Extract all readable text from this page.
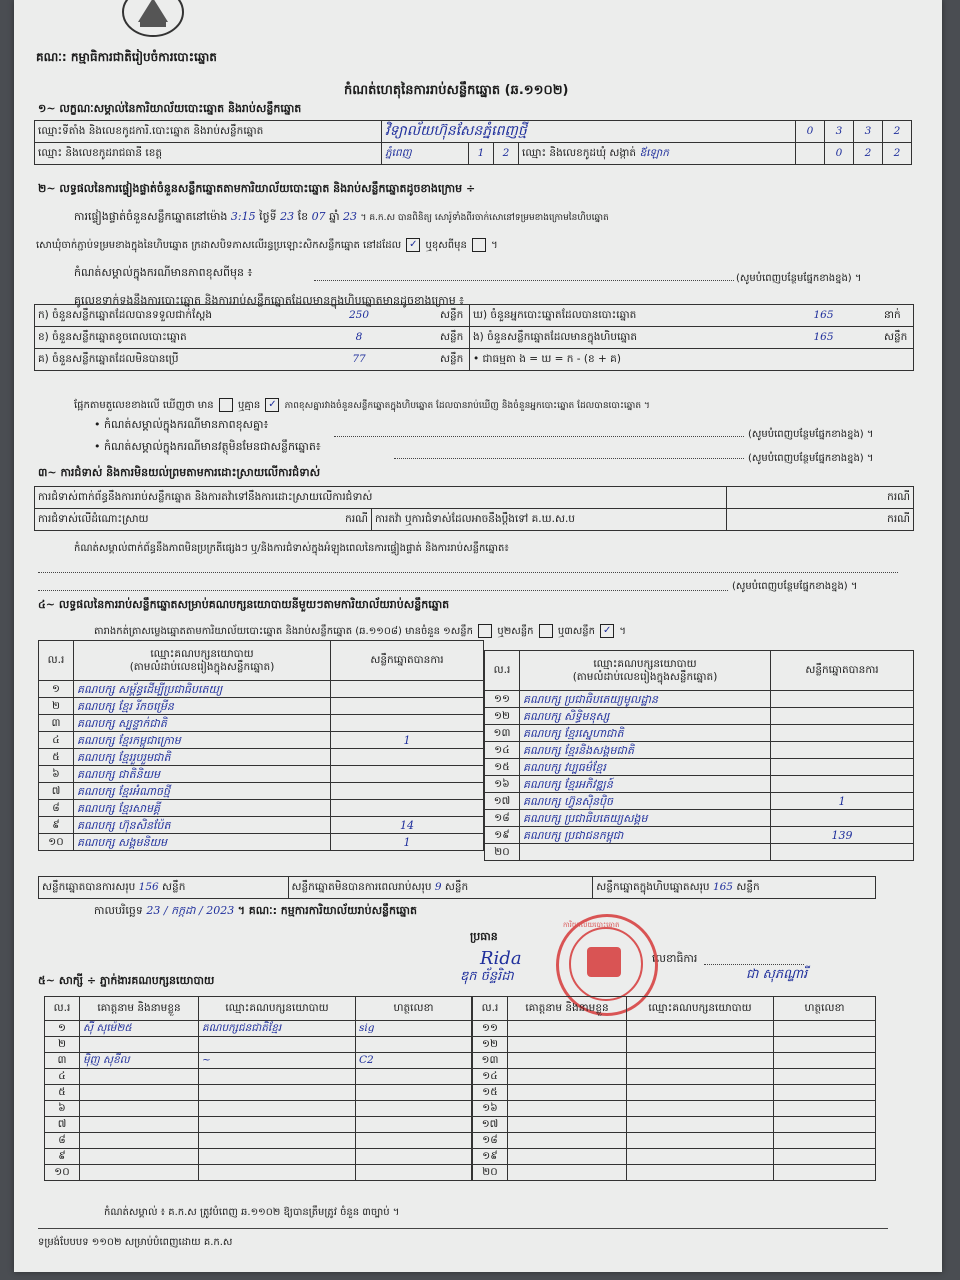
គណៈ: កម្មាធិការជាតិរៀបចំការបោះឆ្នោត
កំណត់ហេតុនៃការរាប់សន្លឹកឆ្នោត (ឆ.១១០២)
១~ លក្ខណៈសម្គាល់នៃការិយាល័យបោះឆ្នោត និងរាប់សន្លឹកឆ្នោត
ឈ្មោះទីតាំង និងលេខកូដការិ.បោះឆ្នោត និងរាប់សន្លឹកឆ្នោត	វិទ្យាល័យហ៊ុនសែនភ្នំពេញថ្មី				0	3	3	2
ឈ្មោះ និងលេខកូដរាជធានី ខេត្ត	ភ្នំពេញ	1	2	ឈ្មោះ និងលេខកូដឃុំ សង្កាត់ ឪឡោក		0	2	2
២~ លទ្ធផលនៃការផ្ទៀងផ្ទាត់ចំនួនសន្លឹកឆ្នោតតាមការិយាល័យបោះឆ្នោត និងរាប់សន្លឹកឆ្នោតដូចខាងក្រោម ÷
ការផ្ទៀងផ្ទាត់ចំនួនសន្លឹកឆ្នោតនៅម៉ោង 3:15 ថ្ងៃទី 23 ខែ 07 ឆ្នាំ 23 ។ គ.ក.ស បានពិនិត្យ សោរ៉ូទាំងពីរចាក់សោនៅទម្រមខាងក្រោមនៃហិបឆ្នោត
សោឃុំចាក់ភ្ជាប់ទម្រមខាងក្នុងនៃហិបឆ្នោត ក្រដាសបិទភាសលើរន្ធប្រឡោះសិកសន្លឹកឆ្នោត នៅដដែល ✓ ឬខុសពីមុន ។
កំណត់សម្គាល់ក្នុងករណីមានភាពខុសពីមុន ៖	(សូមបំពេញបន្ថែមផ្នែកខាងខ្នង) ។
គូលេខទាក់ទងនឹងការបោះឆ្នោត និងការរាប់សន្លឹកឆ្នោតដែលមានក្នុងហិបឆ្នោតមានដូចខាងក្រោម ៖
ក) ចំនួនសន្លឹកឆ្នោតដែលបានទទួលជាក់ស្ដែង	250	សន្លឹក	ឃ) ចំនួនអ្នកបោះឆ្នោតដែលបានបោះឆ្នោត	165	នាក់
ខ) ចំនួនសន្លឹកឆ្នោតខូចពេលបោះឆ្នោត	8	សន្លឹក	ង) ចំនួនសន្លឹកឆ្នោតដែលមានក្នុងហិបឆ្នោត	165	សន្លឹក
គ) ចំនួនសន្លឹកឆ្នោតដែលមិនបានប្រើ	77	សន្លឹក	• ជាធម្មតា ង = ឃ = ក - (ខ + គ)		
ផ្អែកតាមតួលេខខាងលើ ឃើញថា មាន ឬគ្មាន ✓ ភាពខុសគ្នារវាងចំនួនសន្លឹកឆ្នោតក្នុងហិបឆ្នោត ដែលបានរាប់ឃើញ និងចំនួនអ្នកបោះឆ្នោត ដែលបានបោះឆ្នោត ។
• កំណត់សម្គាល់ក្នុងករណីមានភាពខុសគ្នា៖
(សូមបំពេញបន្ថែមផ្នែកខាងខ្នង) ។
• កំណត់សម្គាល់ក្នុងករណីមានវត្ថុមិនមែនជាសន្លឹកឆ្នោត៖
(សូមបំពេញបន្ថែមផ្នែកខាងខ្នង) ។
៣~ ការជំទាស់ និងការមិនយល់ព្រមតាមការដោះស្រាយលើការជំទាស់
ការជំទាស់ពាក់ព័ន្ធនឹងការរាប់សន្លឹកឆ្នោត និងការតវ៉ាទៅនឹងការដោះស្រាយលើការជំទាស់		ករណី
ការជំទាស់លើដំណោះស្រាយ ករណី	ការតវ៉ា ឬការជំទាស់ដែលអាចនឹងប្ដឹងទៅ គ.ឃ.ស.ប	ករណី
កំណត់សម្គាល់ពាក់ព័ន្ធនឹងភាពមិនប្រក្រតីផ្សេងៗ ឬ/និងការជំទាស់ក្នុងអំឡុងពេលនៃការផ្ទៀងផ្ទាត់ និងការរាប់សន្លឹកឆ្នោត៖
(សូមបំពេញបន្ថែមផ្នែកខាងខ្នង) ។
៤~ លទ្ធផលនៃការរាប់សន្លឹកឆ្នោតសម្រាប់គណបក្សនយោបាយនីមួយៗតាមការិយាល័យរាប់សន្លឹកឆ្នោត
តារាងកត់ត្រាសម្លេងឆ្នោតតាមការិយាល័យបោះឆ្នោត និងរាប់សន្លឹកឆ្នោត (ឆ.១១០៨) មានចំនួន ១សន្លឹក ឬ២សន្លឹក ឬ៣សន្លឹក ✓ ។
ល.រ	ឈ្មោះគណបក្សនយោបាយ
(តាមលំដាប់លេខរៀងក្នុងសន្លឹកឆ្នោត)	សន្លឹកឆ្នោតបានការ
១	គណបក្ស សម្ព័ន្ធដើម្បីប្រជាធិបតេយ្យ	
២	គណបក្ស ខ្មែរ រីកចម្រើន	
៣	គណបក្ស ស្បន្ទាក់ជាតិ	
៤	គណបក្ស ខ្មែរកម្ពុជាក្រោម	1
៥	គណបក្ស ខ្មែររួបរួមជាតិ	
៦	គណបក្ស ជាតិនិយម	
៧	គណបក្ស ខ្មែរអំណាចថ្មី	
៨	គណបក្ស ខ្មែរសាមគ្គី	
៩	គណបក្ស ហ៊ុនសិនប៉ែត	14
១០	គណបក្ស សង្គមនិយម	1
ល.រ	ឈ្មោះគណបក្សនយោបាយ
(តាមលំដាប់លេខរៀងក្នុងសន្លឹកឆ្នោត)	សន្លឹកឆ្នោតបានការ
១១	គណបក្ស ប្រជាធិបតេយ្យមូលដ្ឋាន	
១២	គណបក្ស សិទ្ធិមនុស្ស	
១៣	គណបក្ស ខ្មែរស្នេហាជាតិ	
១៤	គណបក្ស ខ្មែរនិងសង្គមជាតិ	
១៥	គណបក្ស វប្បធម៌ខ្មែរ	
១៦	គណបក្ស ខ្មែរអភិវឌ្ឍន៍	
១៧	គណបក្ស ហ៊្វុនស៊ិនប៉ិច	1
១៨	គណបក្ស ប្រជាធិបតេយ្យសង្គម	
១៩	គណបក្ស ប្រជាជនកម្ពុជា	139
២០		
សន្លឹកឆ្នោតបានការសរុប 156 សន្លឹក	សន្លឹកឆ្នោតមិនបានការពេលរាប់សរុប 9 សន្លឹក	សន្លឹកឆ្នោតក្នុងហិបឆ្នោតសរុប 165 សន្លឹក
កាលបរិច្ឆេទ 23 / កក្កដា / 2023 ។ គណៈ: កម្មការការិយាល័យរាប់សន្លឹកឆ្នោត
ប្រធាន
Rida
ឌុក ច័ន្ទរិដា
លេខាធិការ
ជា សុភណ្ឌារី
ការិយាល័យបោះឆ្នោត
៥~ សាក្សី ÷ ភ្នាក់ងារគណបក្សនយោបាយ
ល.រ	គោត្តនាម និងនាមខ្លួន	ឈ្មោះគណបក្សនយោបាយ	ហត្ថលេខា
១	ស៊ី សុម៉េ២៥	គណបក្សជនជាតិខ្មែរ	sig
២			
៣	ម៉ិញ សុខីល	~	C2
៤			
៥			
៦			
៧			
៨			
៩			
១០			
ល.រ	គោត្តនាម និងនាមខ្លួន	ឈ្មោះគណបក្សនយោបាយ	ហត្ថលេខា
១១			
១២			
១៣			
១៤			
១៥			
១៦			
១៧			
១៨			
១៩			
២០			
កំណត់សម្គាល់ ៖ គ.ក.ស ត្រូវបំពេញ ឆ.១១០២ ឱ្យបានត្រឹមត្រូវ ចំនួន ៣ច្បាប់ ។
ទម្រង់បែបបទ ១១០២ សម្រាប់បំពេញដោយ គ.ក.ស
